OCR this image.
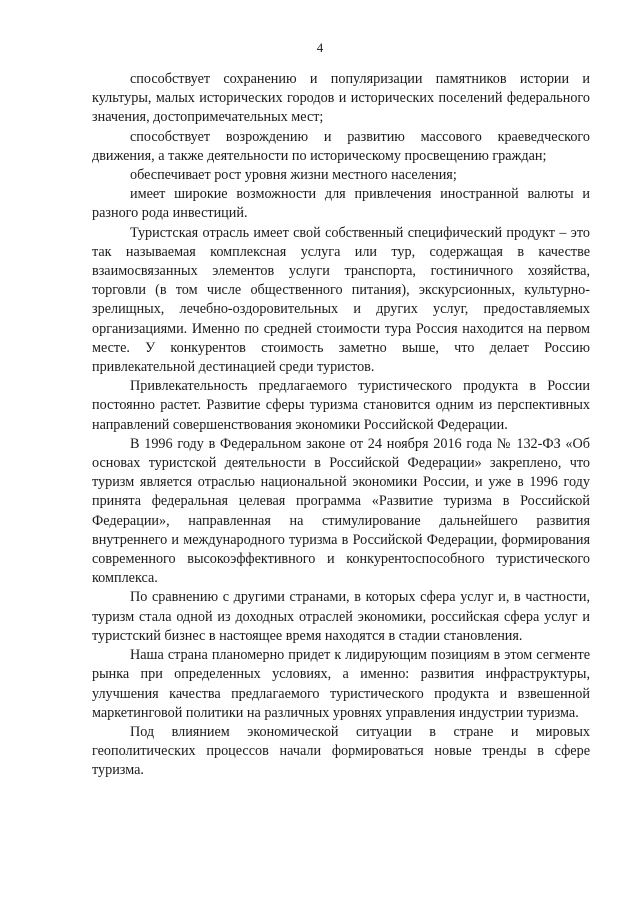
4

способствует сохранению и популяризации памятников истории и культуры, малых исторических городов и исторических поселений федерального значения, достопримечательных мест;

способствует возрождению и развитию массового краеведческого движения, а также деятельности по историческому просвещению граждан;

обеспечивает рост уровня жизни местного населения;

имеет широкие возможности для привлечения иностранной валюты и разного рода инвестиций.

Туристская отрасль имеет свой собственный специфический продукт – это так называемая комплексная услуга или тур, содержащая в качестве взаимосвязанных элементов услуги транспорта, гостиничного хозяйства, торговли (в том числе общественного питания), экскурсионных, культурно-зрелищных, лечебно-оздоровительных и других услуг, предоставляемых организациями. Именно по средней стоимости тура Россия находится на первом месте. У конкурентов стоимость заметно выше, что делает Россию привлекательной дестинацией среди туристов.

Привлекательность предлагаемого туристического продукта в России постоянно растет. Развитие сферы туризма становится одним из перспективных направлений совершенствования экономики Российской Федерации.

В 1996 году в Федеральном законе от 24 ноября 2016 года № 132-ФЗ «Об основах туристской деятельности в Российской Федерации» закреплено, что туризм является отраслью национальной экономики России, и уже в 1996 году принята федеральная целевая программа «Развитие туризма в Российской Федерации», направленная на стимулирование дальнейшего развития внутреннего и международного туризма в Российской Федерации, формирования современного высокоэффективного и конкурентоспособного туристического комплекса.

По сравнению с другими странами, в которых сфера услуг и, в частности, туризм стала одной из доходных отраслей экономики, российская сфера услуг и туристский бизнес в настоящее время находятся в стадии становления.

Наша страна планомерно придет к лидирующим позициям в этом сегменте рынка при определенных условиях, а именно: развития инфраструктуры, улучшения качества предлагаемого туристического продукта и взвешенной маркетинговой политики на различных уровнях управления индустрии туризма.

Под влиянием экономической ситуации в стране и мировых геополитических процессов начали формироваться новые тренды в сфере туризма.
